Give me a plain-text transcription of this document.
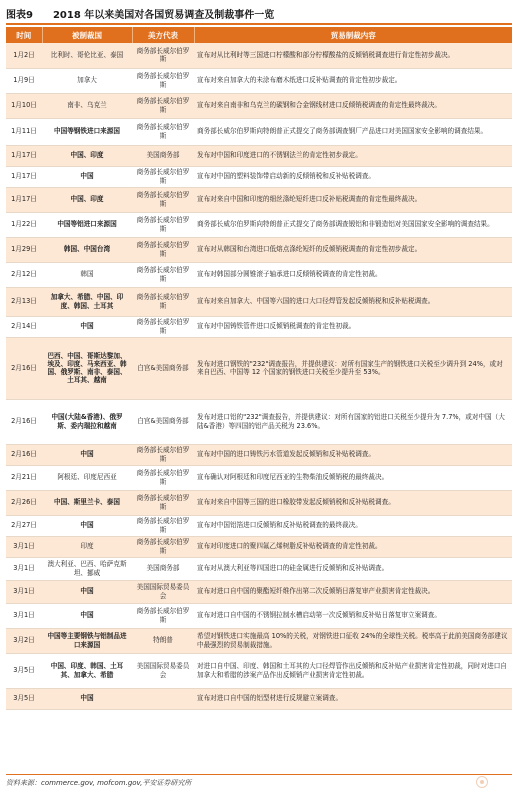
图表9 2018 年以来美国对各国贸易调查及制裁事件一览
时间	被制裁国	美方代表	贸易制裁内容
1月2日	比利时、哥伦比亚、泰国	商务部长威尔伯罗斯	宣布对从比利时等三国进口柠檬酸和部分柠檬酸盐的反倾销税调查进行肯定性初步裁决。
1月9日	加拿大	商务部长威尔伯罗斯	宣布对来自加拿大的未涂布磨木纸进口反补贴调查的肯定性初步裁定。
1月10日	南非、乌克兰	商务部长威尔伯罗斯	宣布对来自南非和乌克兰的碳钢和合金钢线材进口反倾销税调查的肯定性最终裁决。
1月11日	中国等钢铁进口来源国	商务部长威尔伯罗斯	商务部长威尔伯罗斯向特朗普正式提交了商务部调查钢厂产品进口对美国国家安全影响的调查结果。
1月17日	中国、印度	美国商务部	发布对中国和印度进口的不锈钢法兰的肯定性初步裁定。
1月17日	中国	商务部长威尔伯罗斯	宣布对中国的塑料装饰带启动新的反倾销税和反补贴税调查。
1月17日	中国、印度	商务部长威尔伯罗斯	宣布对来自中国和印度的细丝涤纶短纤进口反补贴税调查的肯定性最终裁决。
1月22日	中国等铝进口来源国	商务部长威尔伯罗斯	商务部长威尔伯罗斯向特朗普正式提交了商务部调查锻铝和非锻造铝对美国国家安全影响的调查结果。
1月29日	韩国、中国台湾	商务部长威尔伯罗斯	宣布对从韩国和台湾进口低熔点涤纶短纤的反倾销税调查的肯定性初步裁定。
2月12日	韩国	商务部长威尔伯罗斯	宣布对韩国部分圆锥滚子轴承进口反倾销税调查的肯定性初裁。
2月13日	加拿大、希腊、中国、印度、韩国、土耳其	商务部长威尔伯罗斯	宣布对来自加拿大、中国等六国的进口大口径焊管发起反倾销税和反补贴税调查。
2月14日	中国	商务部长威尔伯罗斯	宣布对中国铸铁管件进口反倾销税调查的肯定性初裁。
2月16日	巴西、中国、哥斯达黎加、埃及、印度、马来西亚、韩国、俄罗斯、南非、泰国、土耳其、越南	白宫&美国商务部	发布对进口钢铁的"232"调查报告，并提供建议：对所有国家生产的钢铁进口关税至少调升到 24%，或对来自巴西、中国等 12 个国家的钢铁进口关税至少提升至 53%。
2月16日	中国(大陆&香港)、俄罗斯、委内瑞拉和越南	白宫&美国商务部	发布对进口铝的"232"调查报告，并提供建议：对所有国家的铝进口关税至少提升为 7.7%，或对中国（大陆&香港）等四国的铝产品关税为 23.6%。
2月16日	中国	商务部长威尔伯罗斯	宣布对中国的进口铸铁污水管道发起反倾销和反补贴税调查。
2月21日	阿根廷、印度尼西亚	商务部长威尔伯罗斯	宣布确认对阿根廷和印度尼西亚的生物柴油反倾销税的最终裁决。
2月26日	中国、斯里兰卡、泰国	商务部长威尔伯罗斯	宣布对来自中国等三国的进口橡胶带发起反倾销税和反补贴税调查。
2月27日	中国	商务部长威尔伯罗斯	宣布对中国铝箔进口反倾销和反补贴税调查的最终裁决。
3月1日	印度	商务部长威尔伯罗斯	宣布对印度进口的聚四氟乙烯树脂反补贴税调查的肯定性初裁。
3月1日	澳大利亚、巴西、哈萨克斯坦、挪威	美国商务部	宣布对从澳大利亚等四国进口的硅金属进行反倾销和反补贴调查。
3月1日	中国	美国国际贸易委员会	宣布对进口自中国的聚酯短纤维作出第二次反倾销日落复审产业损害肯定性裁决。
3月1日	中国	商务部长威尔伯罗斯	宣布对进口自中国的不锈钢拉制水槽启动第一次反倾销和反补贴日落复审立案调查。
3月2日	中国等主要钢铁与铝制品进口来源国	特朗普	希望对钢铁进口实施最高 10%的关税，对钢铁进口征收 24%的全球性关税。税率高于此前美国商务部建议中最强烈的贸易制裁措施。
3月5日	中国、印度、韩国、土耳其、加拿大、希腊	美国国际贸易委员会	对进口自中国、印度、韩国和土耳其的大口径焊管作出反倾销和反补贴产业损害肯定性初裁，同时对进口自加拿大和希腊的涉案产品作出反倾销产业损害肯定性初裁。
3月5日	中国		宣布对进口自中国的铝型材进行反规避立案调查。
资料来源：commerce.gov, mofcom.gov,平安证券研究所
